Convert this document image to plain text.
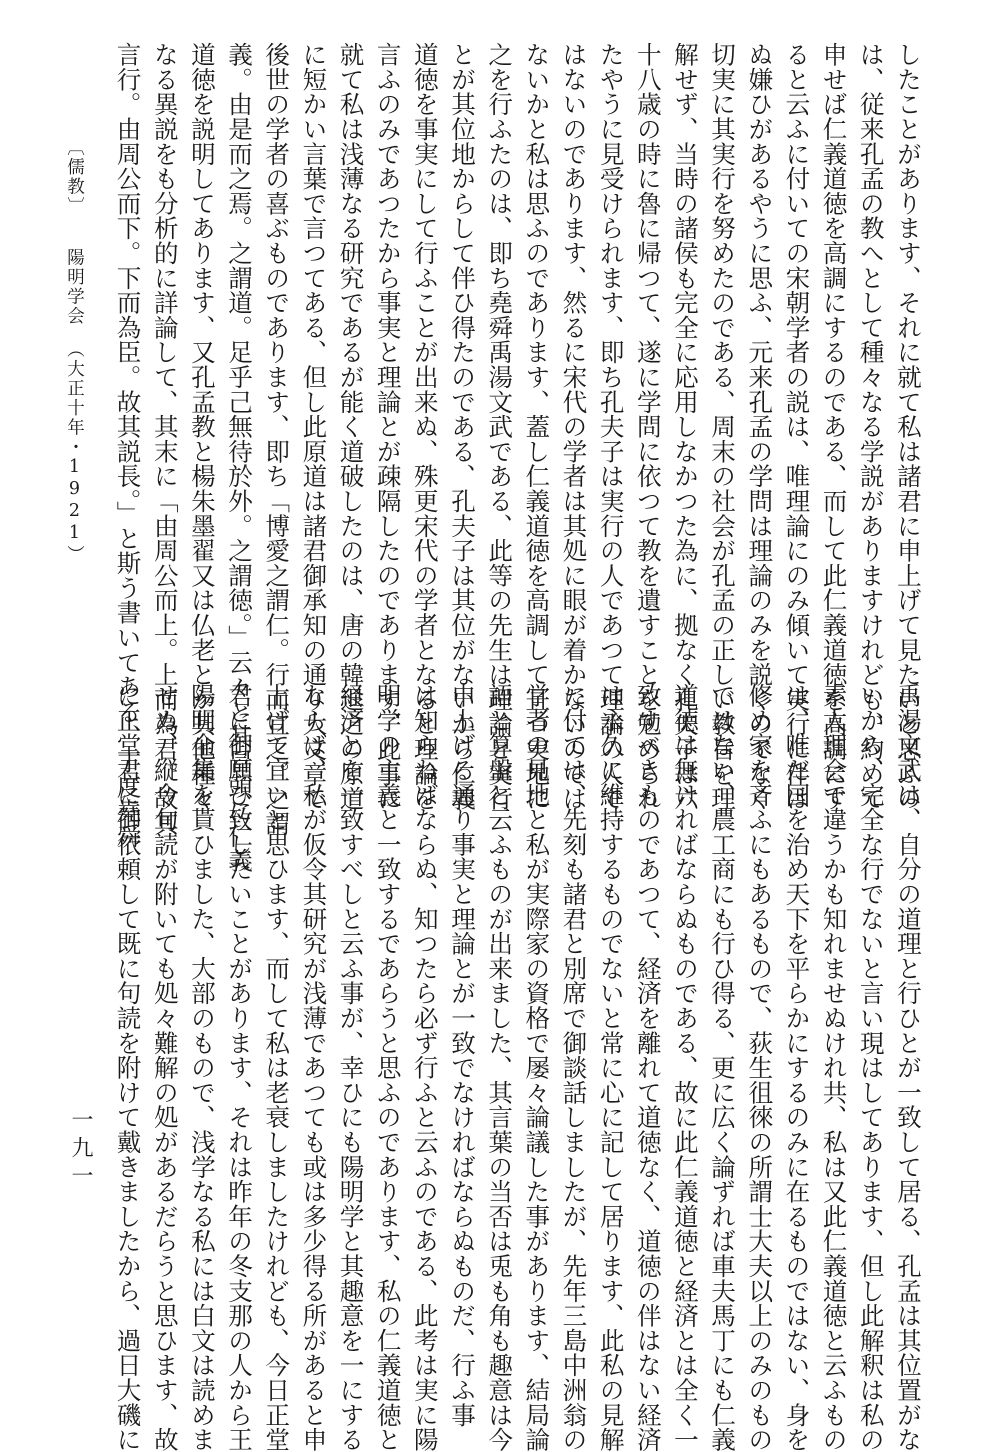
したことがあります、それに就て私は諸君に申上げて見たいと思ふの
は、従来孔孟の教へとして種々なる学説がありますけれども、約めて
申せば仁義道徳を高調にするのである、而して此仁義道徳を高調にす
ると云ふに付いての宋朝学者の説は、唯理論にのみ傾いて実行に伴は
ぬ嫌ひがあるやうに思ふ、元来孔孟の学問は理論のみを説くのでなく
切実に其実行を努めたのである、周末の社会が孔孟の正しい教旨を理
解せず、当時の諸侯も完全に応用しなかつた為に、拠なく孔夫子は六
十八歳の時に魯に帰つて、遂に学問に依つて教を遺すことを勉められ
たやうに見受けられます、即ち孔夫子は実行の人であつて理論の人で
はないのであります、然るに宋代の学者は其処に眼が着かないのでは
ないかと私は思ふのであります、蓋し仁義道徳を高調して且つ実地に
之を行ふたのは、即ち堯舜禹湯文武である、此等の先生は理論と実行
とが其位地からして伴ひ得たのである、孔夫子は其位がないから仁義
道徳を事実にして行ふことが出来ぬ、殊更宋代の学者となると理論を
言ふのみであつたから事実と理論とが疎隔したのであります、此事に
就て私は浅薄なる研究であるが能く道破したのは、唐の韓退之の原道
に短かい言葉で言つてある、但し此原道は諸君御承知の通り大文章で
後世の学者の喜ぶものであります、即ち「博愛之謂仁。行而宜之。之謂
義。由是而之焉。之謂道。足乎己無待於外。之謂徳。」云々と其冒頭に仁義
道徳を説明してあります、又孔孟教と楊朱墨翟又は仏老とか其他種々
なる異説をも分析的に詳論して、其末に「由周公而上。上而為君。故其
言行。由周公而下。下而為臣。故其説長。」と斯う書いてある、丁度堯舜
禹湯文武は、自分の道理と行ひとが一致して居る、孔孟は其位置がな
いから、完全な行でないと言い現はしてあります、但し此解釈は私の
素人理会で違うかも知れませぬけれ共、私は又此仁義道徳と云ふもの
は、唯だ国を治め天下を平らかにするのみに在るものではない、身を
修め家を斉ふにもあるもので、荻生徂徠の所謂士大夫以上のみのもの
ではない、農工商にも行ひ得る、更に広く論ずれば車夫馬丁にも仁義
道徳は無ければならぬものである、故に此仁義道徳と経済とは全く一
致すべきものであつて、経済を離れて道徳なく、道徳の伴はない経済
は永久に維持するものでないと常に心に記して居ります、此私の見解
に付ては、先刻も諸君と別席で御談話しましたが、先年三島中洲翁の
学者の見地と私が実際家の資格で屡々論議した事があります、結局論
語と算盤と云ふものが出来ました、其言葉の当否は兎も角も趣意は今
申上げる通り事実と理論とが一致でなければならぬものだ、行ふ事
は知らねばならぬ、知つたら必ず行ふと云ふのである、此考は実に陽
明学の主義と一致するであらうと思ふのであります、私の仁義道徳と
経済とを一致すべしと云ふ事が、幸ひにも陽明学と其趣意を一にする
ならば、私が仮令其研究が浅薄であつても或は多少得る所があると申
上げて宜いと思ひます、而して私は老衰しましたけれども、今日正堂
君に御願ひ致したいことがあります、それは昨年の冬支那の人から王
陽明全集を貰ひました、大部のもので、浅学なる私には白文は読めま
せぬ、縦令句読が附いても処々難解の処があるだらうと思ひます、故
に正堂君に御依頼して既に句読を附けて戴きましたから、過日大磯に
〔儒教〕陽明学会（大正十年・1921）
一九一
